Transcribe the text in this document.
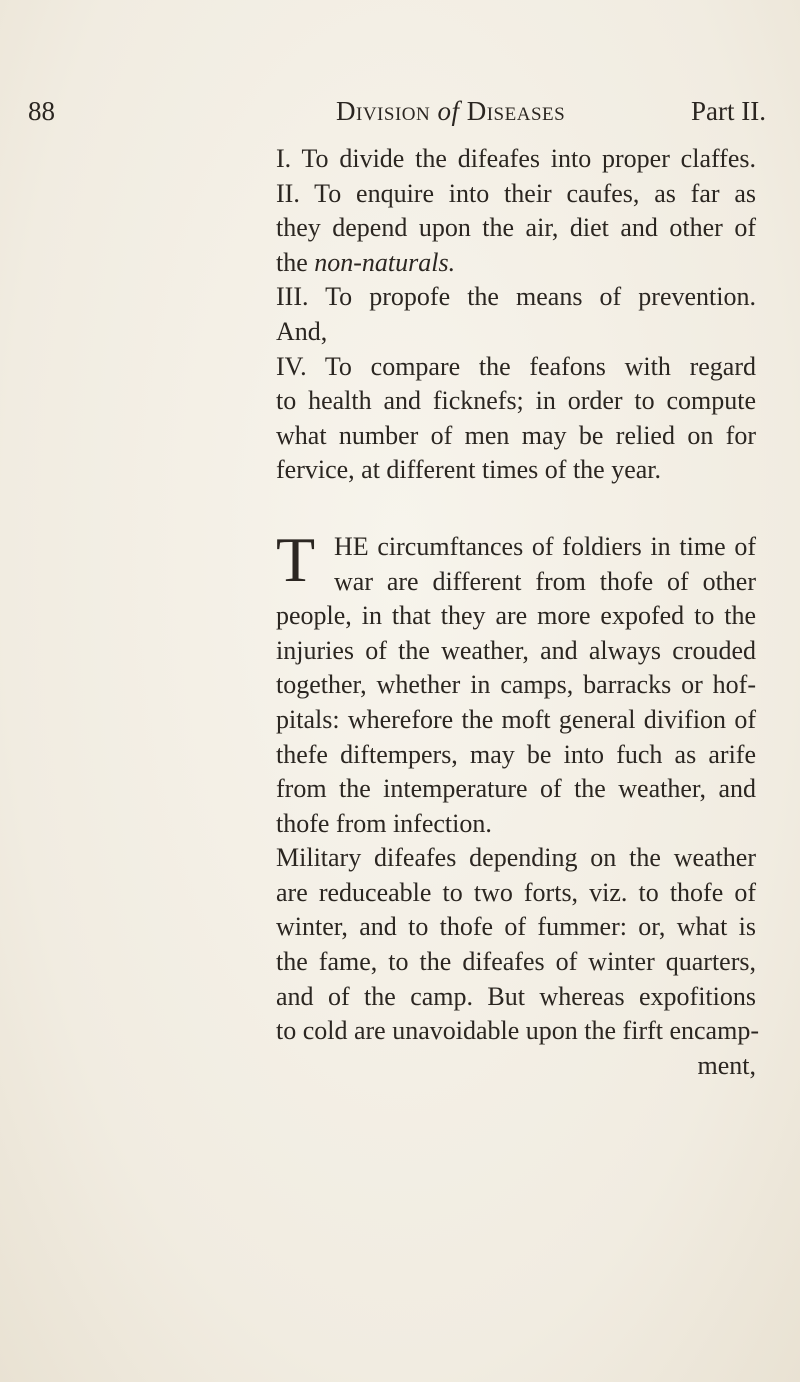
88	Division of Diseases	Part II.
I. To divide the difeafes into proper claffes.
II. To enquire into their caufes, as far as
they depend upon the air, diet and other of
the non-naturals.
III. To propofe the means of prevention.
And,
IV. To compare the feafons with regard
to health and ficknefs; in order to compute
what number of men may be relied on for
fervice, at different times of the year.
T HE circumftances of foldiers in time of
war are different from thofe of other
people, in that they are more expofed to the
injuries of the weather, and always crouded
together, whether in camps, barracks or hof-
pitals: wherefore the moft general divifion of
thefe diftempers, may be into fuch as arife
from the intemperature of the weather, and
thofe from infection.
Military difeafes depending on the weather
are reduceable to two forts, viz. to thofe of
winter, and to thofe of fummer: or, what is
the fame, to the difeafes of winter quarters,
and of the camp. But whereas expofitions
to cold are unavoidable upon the firft encamp-
ment,
